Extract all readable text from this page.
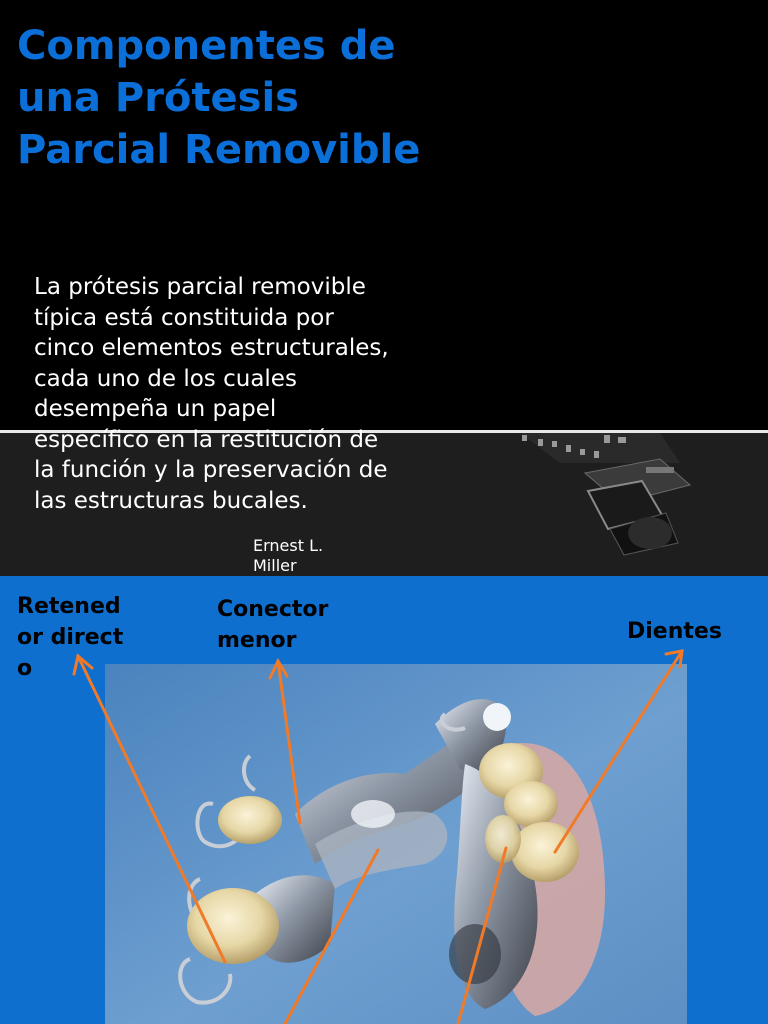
Componentes de una Prótesis Parcial Removible

La prótesis parcial removible típica está constituida por cinco elementos estructurales, cada uno de los cuales desempeña un papel específico en la restitución de la función y la preservación de las estructuras bucales.

Ernest L. Miller
Retenedor directo
Conector menor	Dientes
